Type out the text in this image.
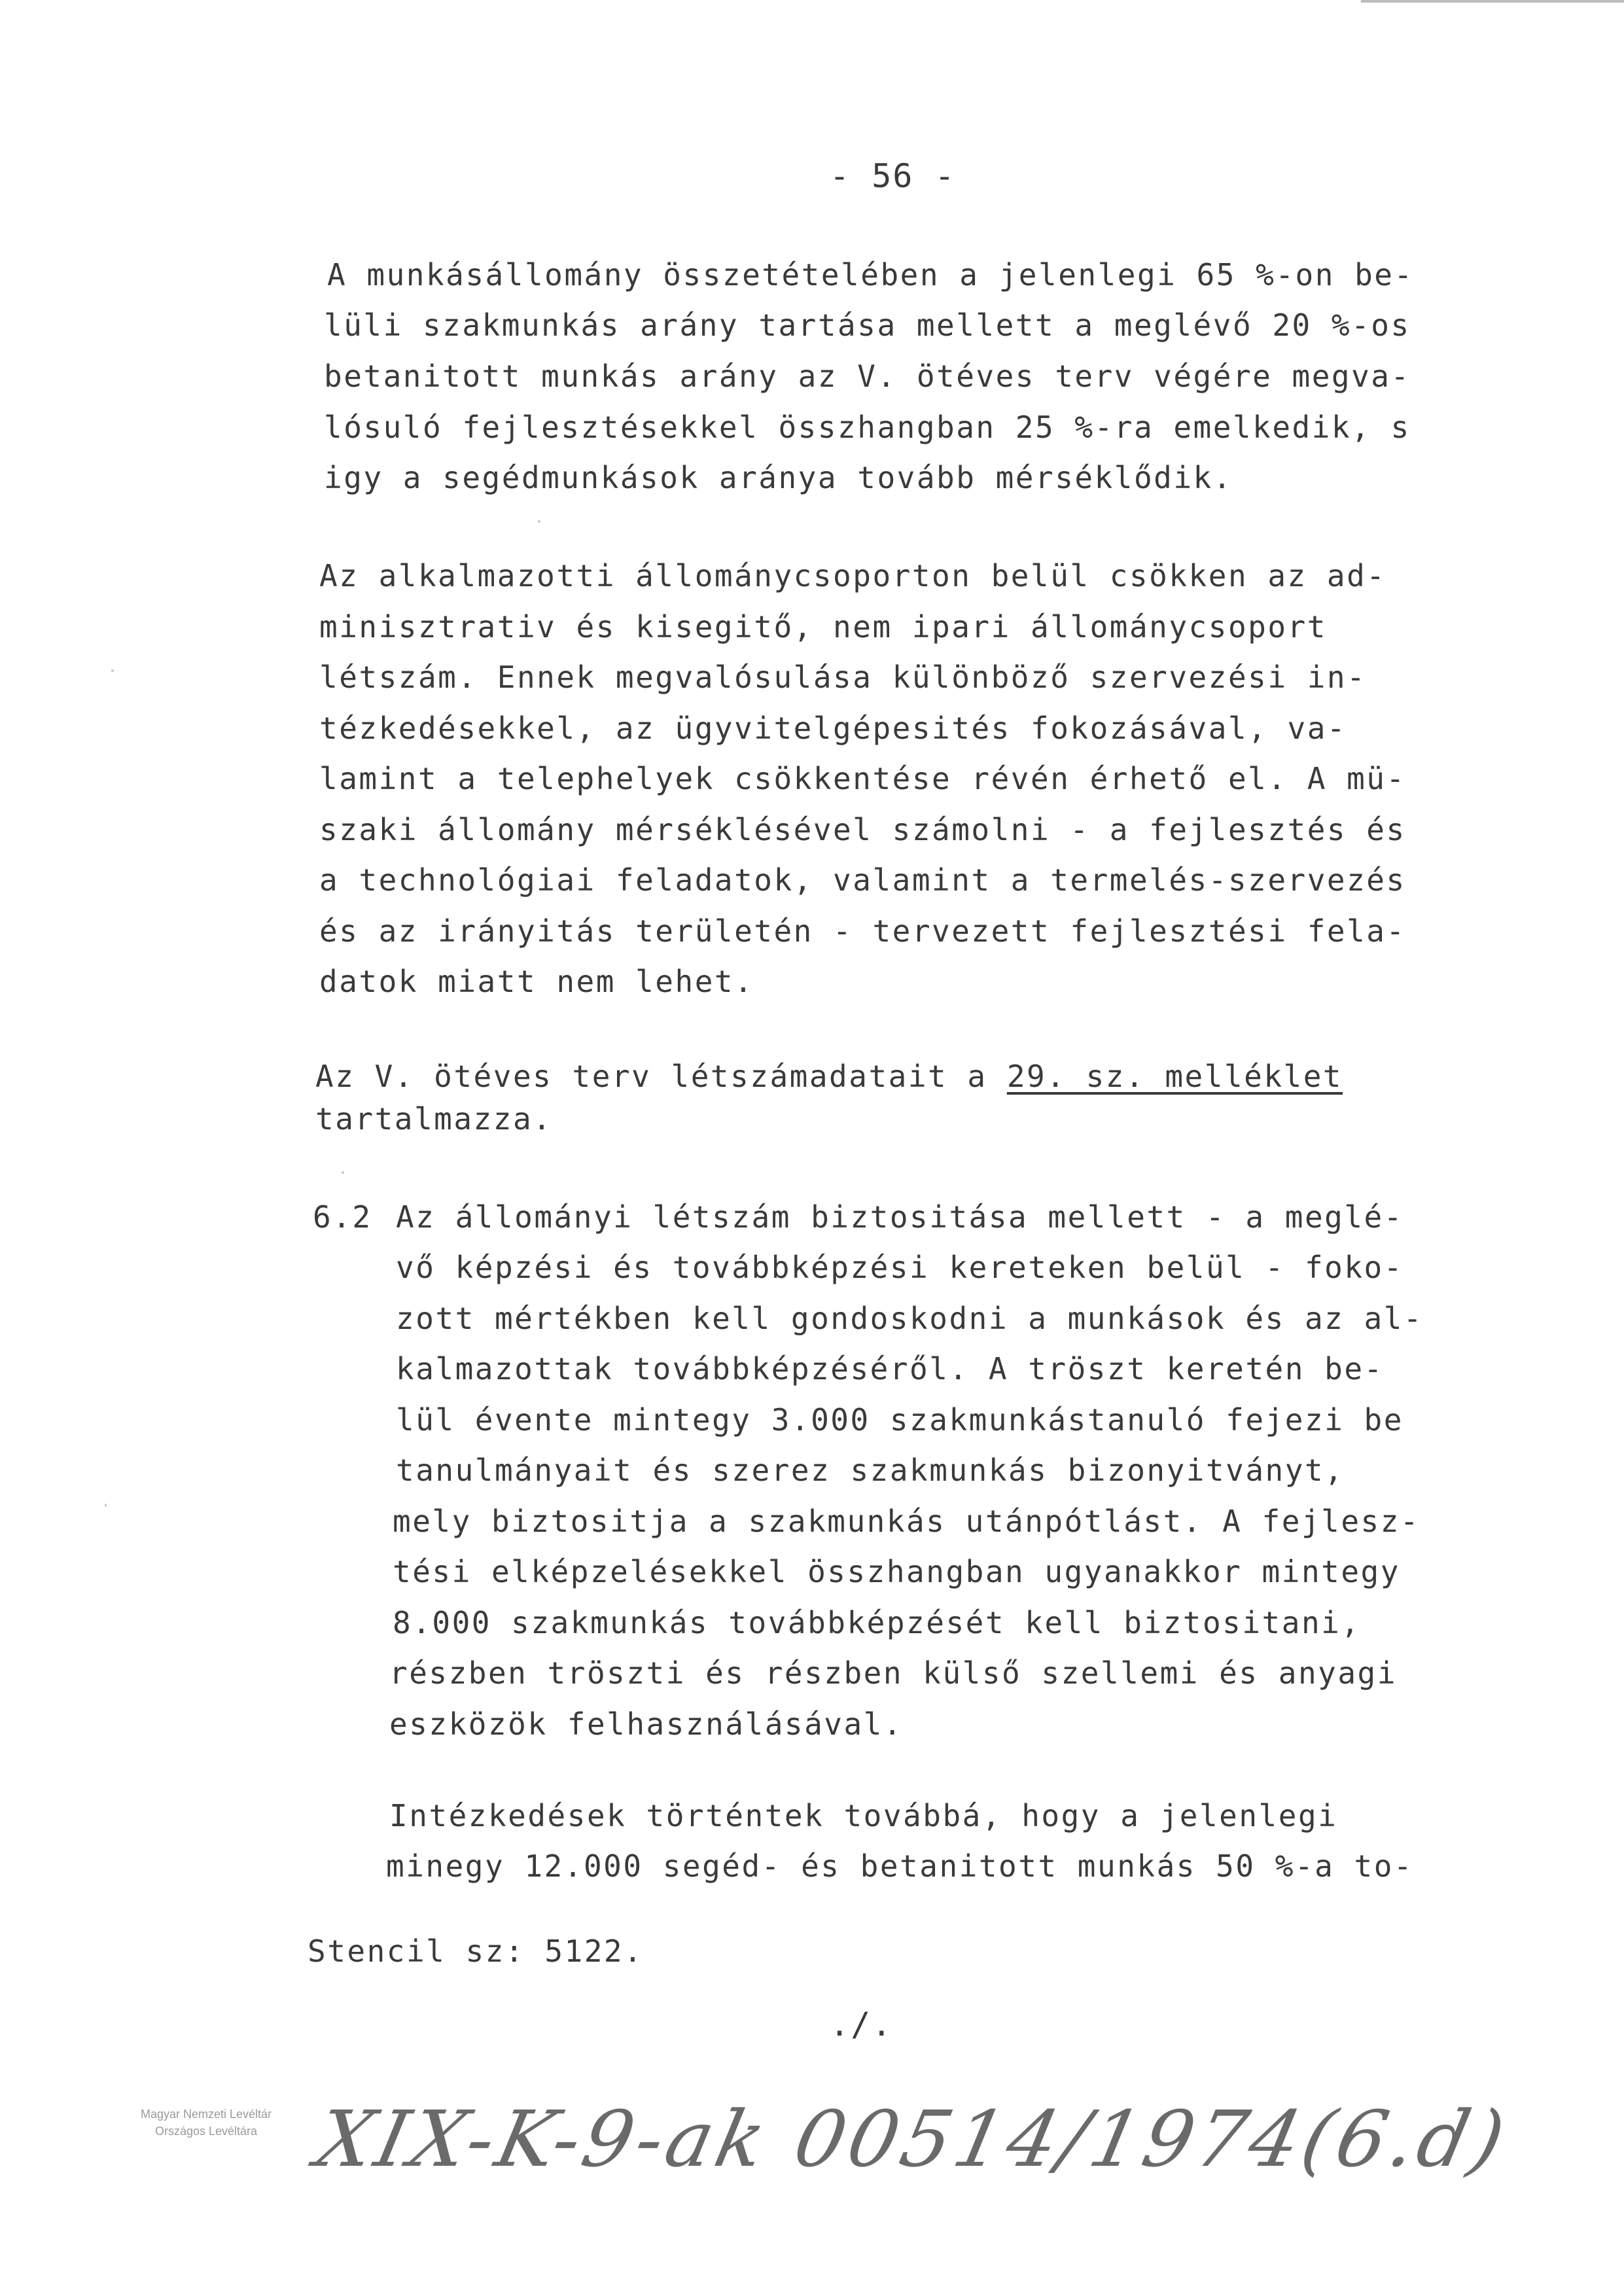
- 56 -
A munkásállomány összetételében a jelenlegi 65 %-on be-
lüli szakmunkás arány tartása mellett a meglévő 20 %-os
betanitott munkás arány az V. ötéves terv végére megva-
lósuló fejlesztésekkel összhangban 25 %-ra emelkedik, s
igy a segédmunkások aránya tovább mérséklődik.
Az alkalmazotti állománycsoporton belül csökken az ad-
minisztrativ és kisegitő, nem ipari állománycsoport
létszám. Ennek megvalósulása különböző szervezési in-
tézkedésekkel, az ügyvitelgépesités fokozásával, va-
lamint a telephelyek csökkentése révén érhető el. A mü-
szaki állomány mérséklésével számolni - a fejlesztés és
a technológiai feladatok, valamint a termelés-szervezés
és az irányitás területén - tervezett fejlesztési fela-
datok miatt nem lehet.
Az V. ötéves terv létszámadatait a 29. sz. melléklet
tartalmazza.
6.2 Az állományi létszám biztositása mellett - a meglé-
vő képzési és továbbképzési kereteken belül - foko-
zott mértékben kell gondoskodni a munkások és az al-
kalmazottak továbbképzéséről. A tröszt keretén be-
lül évente mintegy 3.000 szakmunkástanuló fejezi be
tanulmányait és szerez szakmunkás bizonyitványt,
mely biztositja a szakmunkás utánpótlást. A fejlesz-
tési elképzelésekkel összhangban ugyanakkor mintegy
8.000 szakmunkás továbbképzését kell biztositani,
részben tröszti és részben külső szellemi és anyagi
eszközök felhasználásával.
Intézkedések történtek továbbá, hogy a jelenlegi
minegy 12.000 segéd- és betanitott munkás 50 %-a to-
Stencil sz: 5122.
./.
Magyar Nemzeti Levéltár
Országos Levéltára XIX-K-9-ak 00514/1974(6.d)
